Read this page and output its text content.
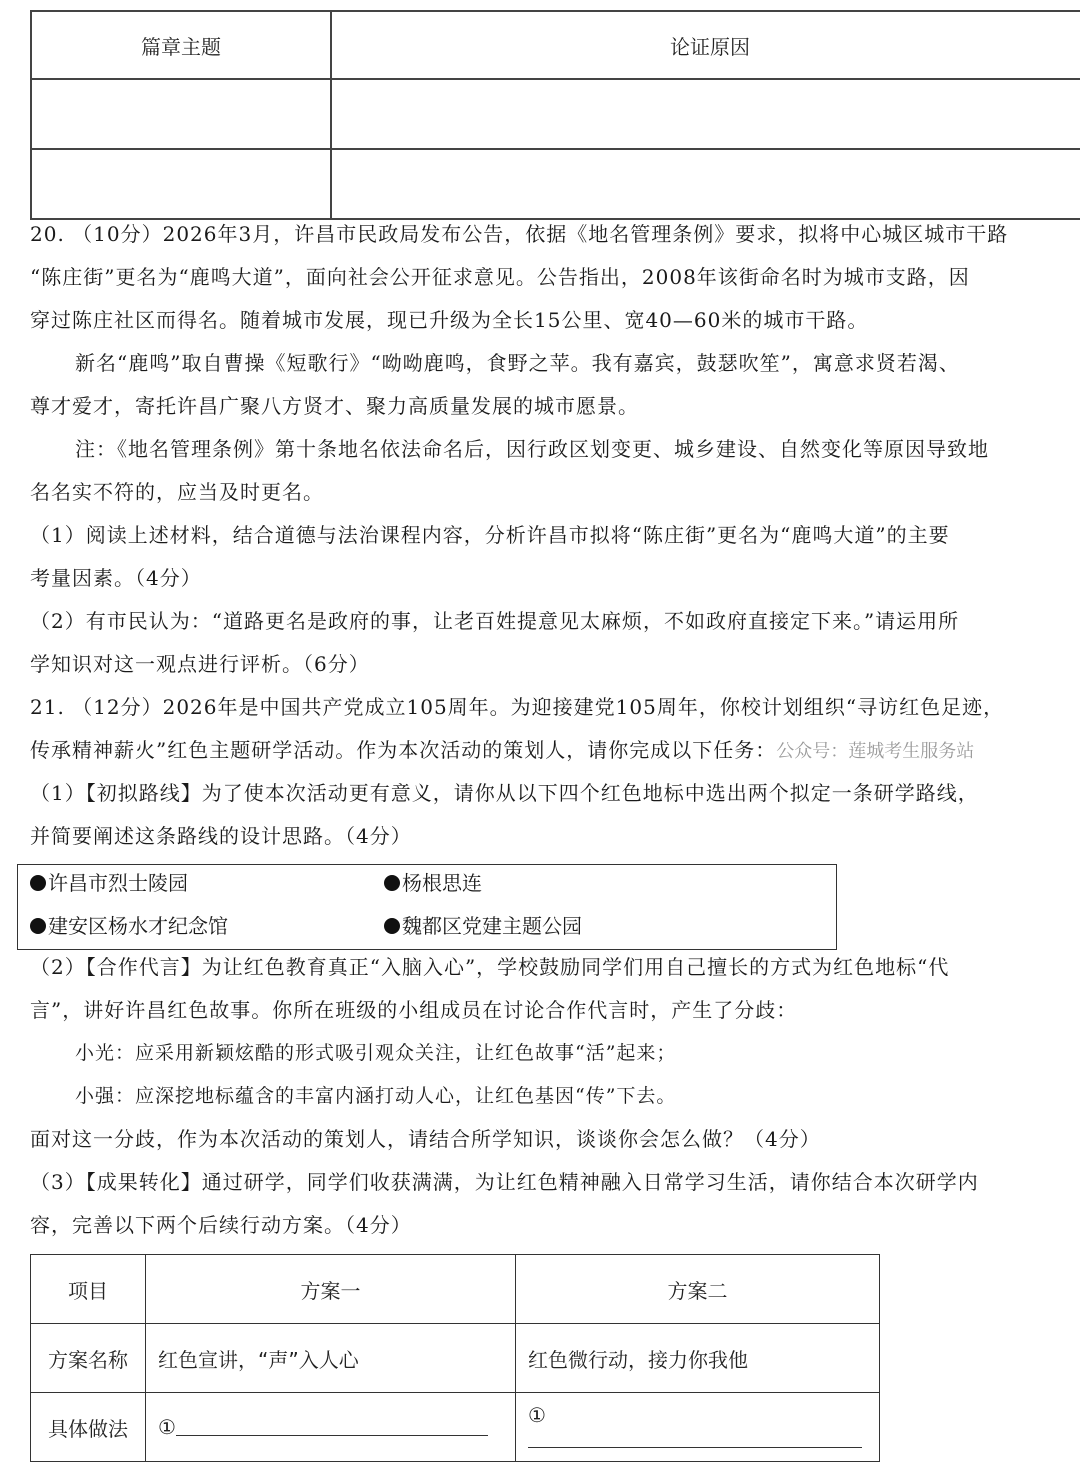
篇章主题	论证原因

20. （10分）2026年3月，许昌市民政局发布公告，依据《地名管理条例》要求，拟将中心城区城市干路
“陈庄街”更名为“鹿鸣大道”，面向社会公开征求意见。公告指出，2008年该街命名时为城市支路，因
穿过陈庄社区而得名。随着城市发展，现已升级为全长15公里、宽40—60米的城市干路。
新名“鹿鸣”取自曹操《短歌行》“呦呦鹿鸣，食野之苹。我有嘉宾，鼓瑟吹笙”，寓意求贤若渴、
尊才爱才，寄托许昌广聚八方贤才、聚力高质量发展的城市愿景。
注：《地名管理条例》第十条地名依法命名后，因行政区划变更、城乡建设、自然变化等原因导致地
名名实不符的，应当及时更名。
（1）阅读上述材料，结合道德与法治课程内容，分析许昌市拟将“陈庄街”更名为“鹿鸣大道”的主要
考量因素。（4分）
（2）有市民认为：“道路更名是政府的事，让老百姓提意见太麻烦，不如政府直接定下来。”请运用所
学知识对这一观点进行评析。（6分）
21. （12分）2026年是中国共产党成立105周年。为迎接建党105周年，你校计划组织“寻访红色足迹，
传承精神薪火”红色主题研学活动。作为本次活动的策划人，请你完成以下任务：公众号：莲城考生服务站
（1）【初拟路线】为了使本次活动更有意义，请你从以下四个红色地标中选出两个拟定一条研学路线，
并简要阐述这条路线的设计思路。（4分）
许昌市烈士陵园	杨根思连
建安区杨水才纪念馆	魏都区党建主题公园
（2）【合作代言】为让红色教育真正“入脑入心”，学校鼓励同学们用自己擅长的方式为红色地标“代
言”，讲好许昌红色故事。你所在班级的小组成员在讨论合作代言时，产生了分歧：
小光：应采用新颖炫酷的形式吸引观众关注，让红色故事“活”起来；
小强：应深挖地标蕴含的丰富内涵打动人心，让红色基因“传”下去。
面对这一分歧，作为本次活动的策划人，请结合所学知识，谈谈你会怎么做？（4分）
（3）【成果转化】通过研学，同学们收获满满，为让红色精神融入日常学习生活，请你结合本次研学内
容，完善以下两个后续行动方案。（4分）
项目	方案一	方案二
方案名称	红色宣讲，“声”入人心	红色微行动，接力你我他
具体做法	①	①
